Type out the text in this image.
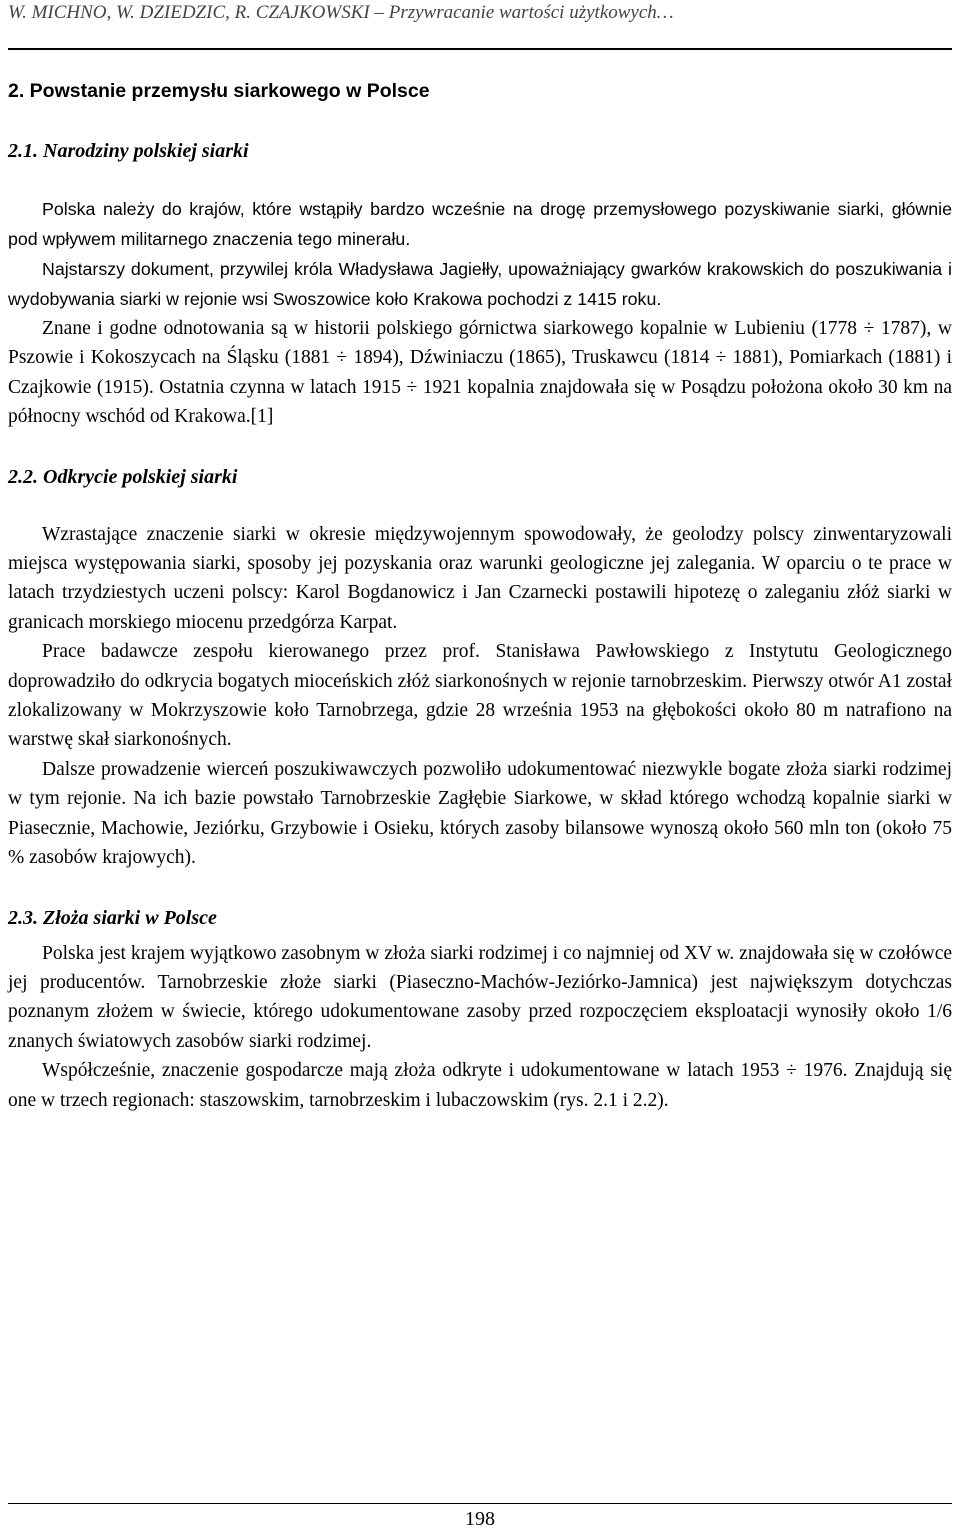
W. MICHNO, W. DZIEDZIC, R. CZAJKOWSKI – Przywracanie wartości użytkowych…
2. Powstanie przemysłu siarkowego w Polsce
2.1. Narodziny polskiej siarki

Polska należy do krajów, które wstąpiły bardzo wcześnie na drogę przemysłowego pozyskiwanie siarki, głównie pod wpływem militarnego znaczenia tego minerału.

Najstarszy dokument, przywilej króla Władysława Jagiełły, upoważniający gwarków krakowskich do poszukiwania i wydobywania siarki w rejonie wsi Swoszowice koło Krakowa pochodzi z 1415 roku.

Znane i godne odnotowania są w historii polskiego górnictwa siarkowego kopalnie w Lubieniu (1778 ÷ 1787), w Pszowie i Kokoszycach na Śląsku (1881 ÷ 1894), Dźwiniaczu (1865), Truskawcu (1814 ÷ 1881), Pomiarkach (1881) i Czajkowie (1915). Ostatnia czynna w latach 1915 ÷ 1921 kopalnia znajdowała się w Posądzu położona około 30 km na północny wschód od Krakowa.[1]

2.2. Odkrycie polskiej siarki

Wzrastające znaczenie siarki w okresie międzywojennym spowodowały, że geolodzy polscy zinwentaryzowali miejsca występowania siarki, sposoby jej pozyskania oraz warunki geologiczne jej zalegania. W oparciu o te prace w latach trzydziestych uczeni polscy: Karol Bogdanowicz i Jan Czarnecki postawili hipotezę o zaleganiu złóż siarki w granicach morskiego miocenu przedgórza Karpat.

Prace badawcze zespołu kierowanego przez prof. Stanisława Pawłowskiego z Instytutu Geologicznego doprowadziło do odkrycia bogatych mioceńskich złóż siarkonośnych w rejonie tarnobrzeskim. Pierwszy otwór A1 został zlokalizowany w Mokrzyszowie koło Tarnobrzega, gdzie 28 września 1953 na głębokości około 80 m natrafiono na warstwę skał siarkonośnych.

Dalsze prowadzenie wierceń poszukiwawczych pozwoliło udokumentować niezwykle bogate złoża siarki rodzimej w tym rejonie. Na ich bazie powstało Tarnobrzeskie Zagłębie Siarkowe, w skład którego wchodzą kopalnie siarki w Piasecznie, Machowie, Jeziórku, Grzybowie i Osieku, których zasoby bilansowe wynoszą około 560 mln ton (około 75 % zasobów krajowych).

2.3. Złoża siarki w Polsce

Polska jest krajem wyjątkowo zasobnym w złoża siarki rodzimej i co najmniej od XV w. znajdowała się w czołówce jej producentów. Tarnobrzeskie złoże siarki (Piaseczno-Machów-Jeziórko-Jamnica) jest największym dotychczas poznanym złożem w świecie, którego udokumentowane zasoby przed rozpoczęciem eksploatacji wynosiły około 1/6 znanych światowych zasobów siarki rodzimej.

Współcześnie, znaczenie gospodarcze mają złoża odkryte i udokumentowane w latach 1953 ÷ 1976. Znajdują się one w trzech regionach: staszowskim, tarnobrzeskim i lubaczowskim (rys. 2.1 i 2.2).

198
